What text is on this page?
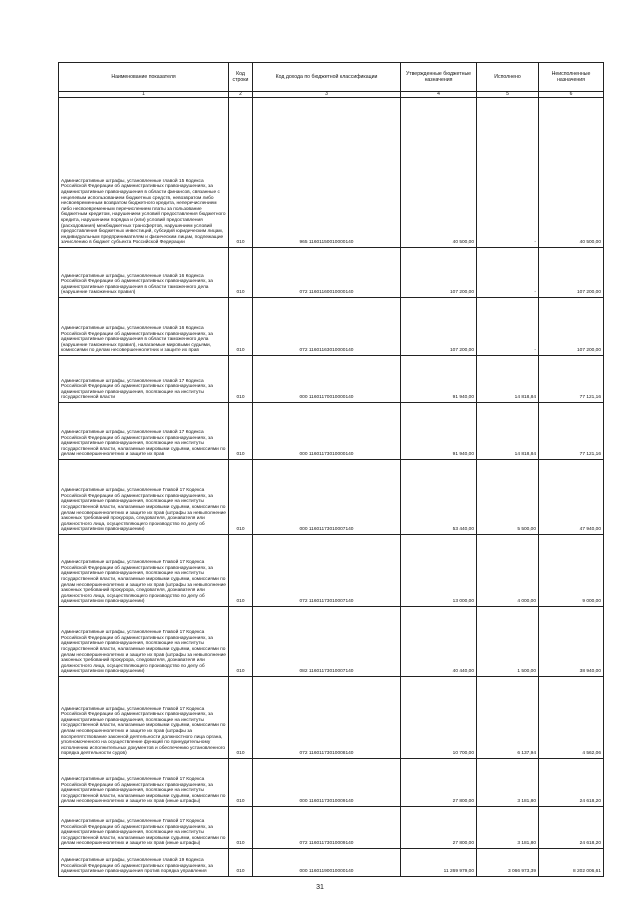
Наименование показателя	Код строки	Код дохода по бюджетной классификации	Утвержденные бюджетные назначения	Исполнено	Неисполненные назначения
1	2	3	4	5	6
Административные штрафы, установленные главой 15 Кодекса Российской Федерации об административных правонарушениях, за административные правонарушения в области финансов, связанные с нецелевым использованием бюджетных средств, невозвратом либо несвоевременным возвратом бюджетного кредита, неперечислением либо несвоевременным перечислением платы за пользование бюджетным кредитом, нарушением условий предоставления бюджетного кредита, нарушением порядка и (или) условий предоставления (расходования) межбюджетных трансфертов, нарушением условий предоставления бюджетных инвестиций, субсидий юридическим лицам, индивидуальным предпринимателям и физическим лицам, подлежащие зачислению в бюджет субъекта Российской Федерации	010	965 11601150010000140	40 500,00	-	40 500,00
Административные штрафы, установленные главой 16 Кодекса Российской Федерации об административных правонарушениях, за административные правонарушения в области таможенного дела (нарушение таможенных правил)	010	072 11601160010000140	107 200,00	-	107 200,00
Административные штрафы, установленные главой 16 Кодекса Российской Федерации об административных правонарушениях, за административные правонарушения в области таможенного дела (нарушение таможенных правил), налагаемые мировыми судьями, комиссиями по делам несовершеннолетних и защите их прав	010	072 11601163010000140	107 200,00	-	107 200,00
Административные штрафы, установленные главой 17 Кодекса Российской Федерации об административных правонарушениях, за административные правонарушения, посягающие на институты государственной власти	010	000 11601170010000140	91 940,00	14 818,84	77 121,16
Административные штрафы, установленные главой 17 Кодекса Российской Федерации об административных правонарушениях, за административные правонарушения, посягающие на институты государственной власти, налагаемые мировыми судьями, комиссиями по делам несовершеннолетних и защите их прав	010	000 11601173010000140	91 940,00	14 818,84	77 121,16
Административные штрафы, установленные Главой 17 Кодекса Российской Федерации об административных правонарушениях, за административные правонарушения, посягающие на институты государственной власти, налагаемые мировыми судьями, комиссиями по делам несовершеннолетних и защите их прав (штрафы за невыполнение законных требований прокурора, следователя, дознавателя или должностного лица, осуществляющего производство по делу об административном правонарушении)	010	000 11601173010007140	53 440,00	5 500,00	47 940,00
Административные штрафы, установленные Главой 17 Кодекса Российской Федерации об административных правонарушениях, за административные правонарушения, посягающие на институты государственной власти, налагаемые мировыми судьями, комиссиями по делам несовершеннолетних и защите их прав (штрафы за невыполнение законных требований прокурора, следователя, дознавателя или должностного лица, осуществляющего производство по делу об административном правонарушении)	010	072 11601173010007140	13 000,00	4 000,00	9 000,00
Административные штрафы, установленные Главой 17 Кодекса Российской Федерации об административных правонарушениях, за административные правонарушения, посягающие на институты государственной власти, налагаемые мировыми судьями, комиссиями по делам несовершеннолетних и защите их прав (штрафы за невыполнение законных требований прокурора, следователя, дознавателя или должностного лица, осуществляющего производство по делу об административном правонарушении)	010	082 11601173010007140	40 440,00	1 500,00	38 940,00
Административные штрафы, установленные Главой 17 Кодекса Российской Федерации об административных правонарушениях, за административные правонарушения, посягающие на институты государственной власти, налагаемые мировыми судьями, комиссиями по делам несовершеннолетних и защите их прав (штрафы за воспрепятствование законной деятельности должностного лица органа, уполномоченного на осуществление функций по принудительному исполнению исполнительных документов и обеспечению установленного порядка деятельности судов)	010	072 11601173010008140	10 700,00	6 137,94	4 562,06
Административные штрафы, установленные Главой 17 Кодекса Российской Федерации об административных правонарушениях, за административные правонарушения, посягающие на институты государственной власти, налагаемые мировыми судьями, комиссиями по делам несовершеннолетних и защите их прав (иные штрафы)	010	000 11601173010009140	27 800,00	3 181,80	24 618,20
Административные штрафы, установленные Главой 17 Кодекса Российской Федерации об административных правонарушениях, за административные правонарушения, посягающие на институты государственной власти, налагаемые мировыми судьями, комиссиями по делам несовершеннолетних и защите их прав (иные штрафы)	010	072 11601173010009140	27 800,00	3 181,80	24 618,20
Административные штрафы, установленные главой 19 Кодекса Российской Федерации об административных правонарушениях, за административные правонарушения против порядка управления	010	000 11601190010000140	11 269 979,00	3 066 973,39	8 202 006,61
31
